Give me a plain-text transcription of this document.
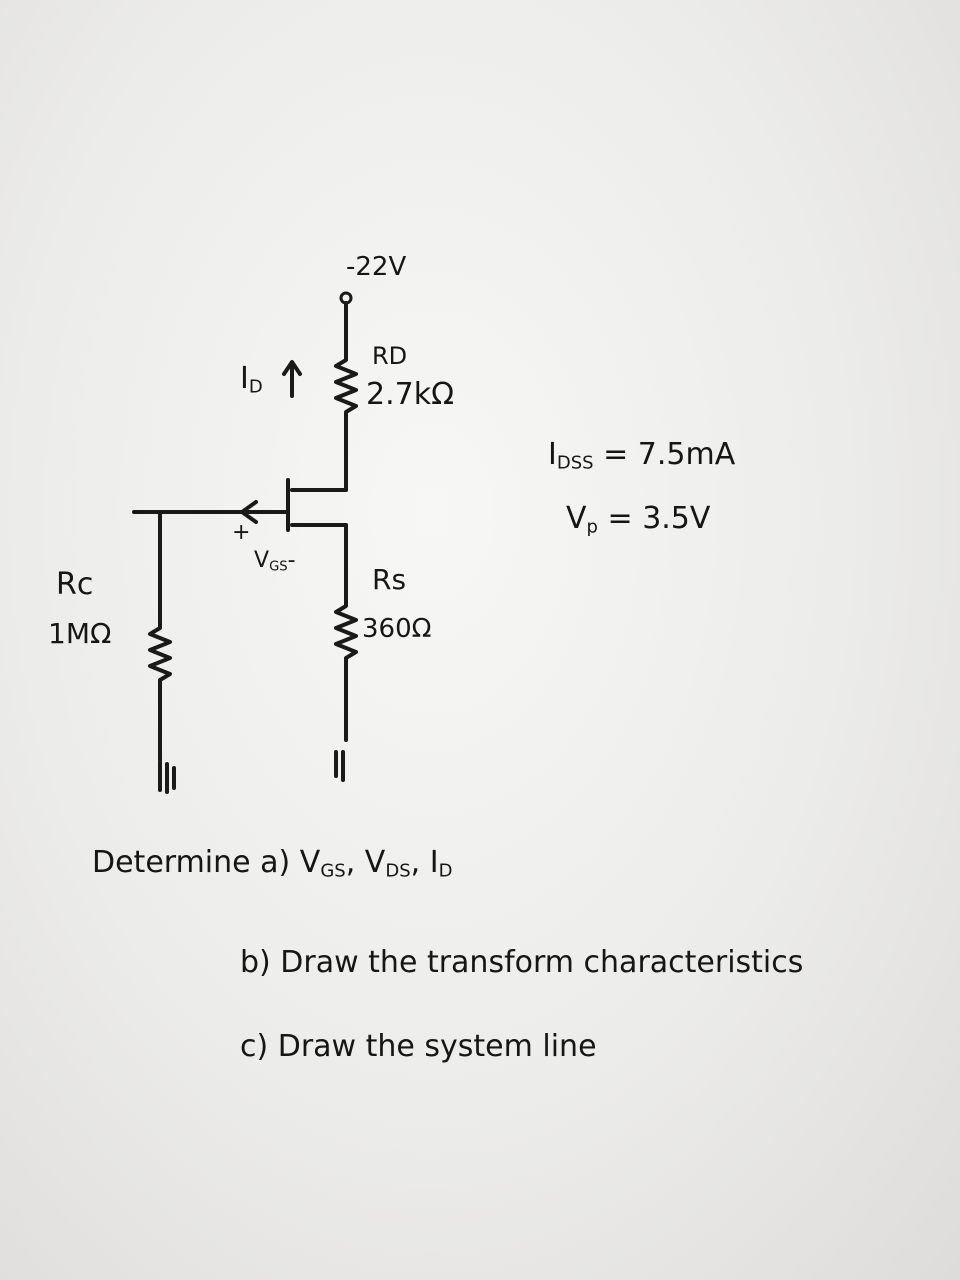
-22V
$I_D$
RD
2.7kΩ
+
$V_{GS}-$
Rs
360Ω
Rc
1MΩ
$I_{DSS} = 7.5mA$
$V_p = 3.5V$
Determine a) $V_{GS}$, $V_{DS}$, $I_D$
b) Draw the transform characteristics
c) Draw the system line
